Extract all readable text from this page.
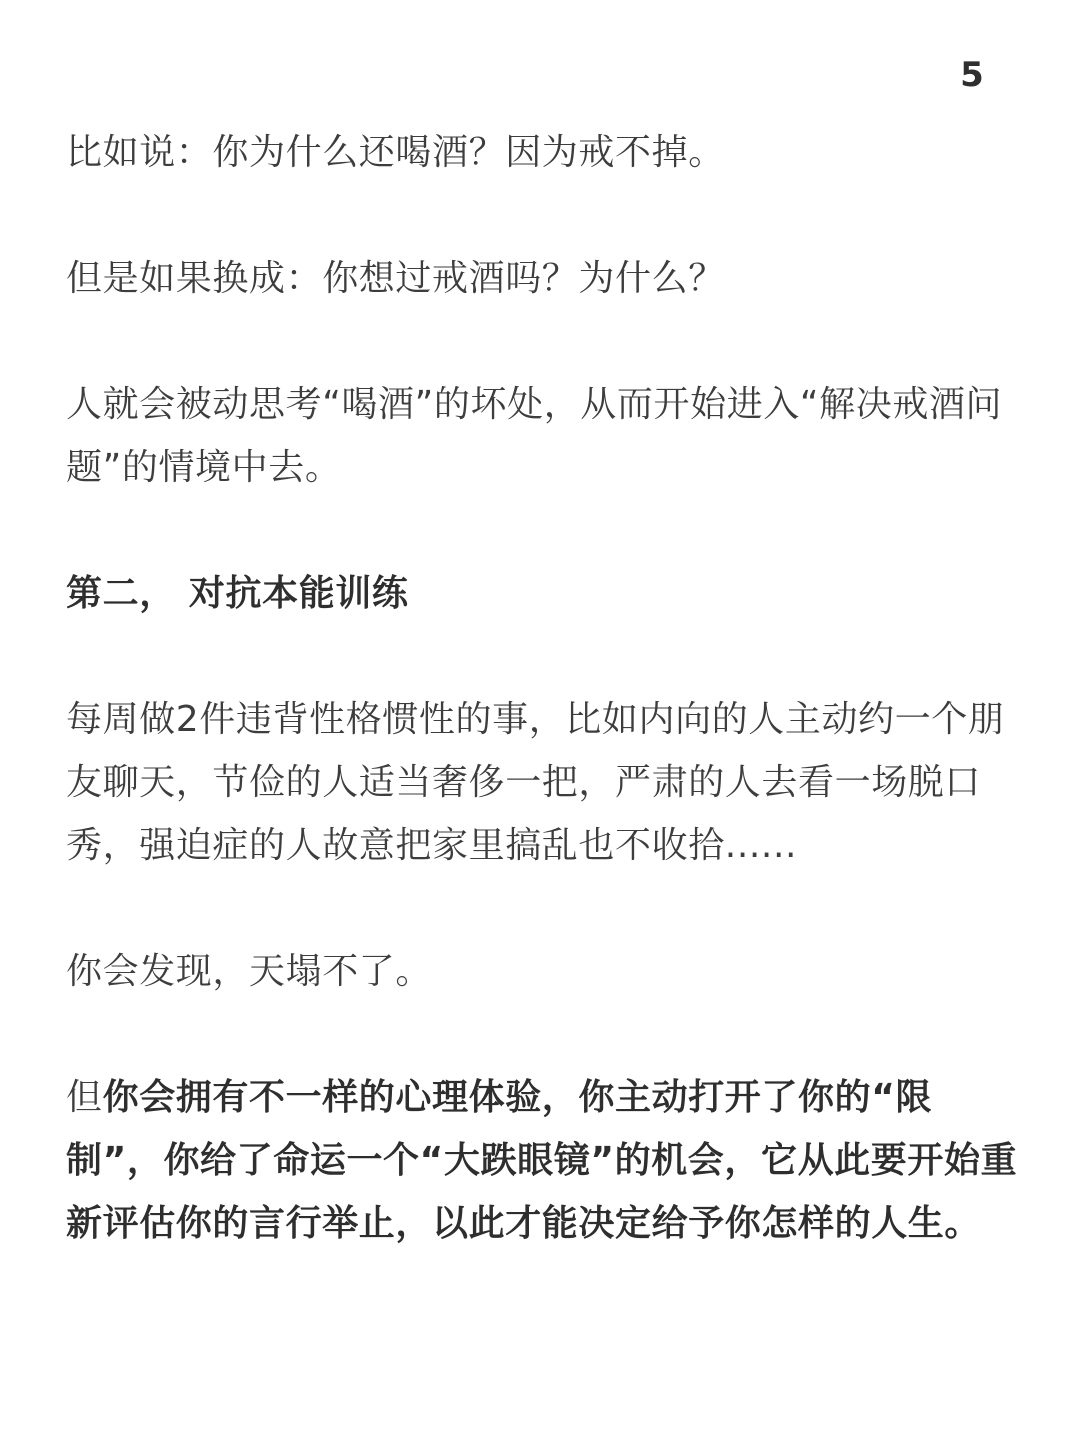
5

比如说：你为什么还喝酒？因为戒不掉。

但是如果换成：你想过戒酒吗？为什么？

人就会被动思考“喝酒”的坏处，从而开始进入“解决戒酒问题”的情境中去。

第二， 对抗本能训练

每周做2件违背性格惯性的事，比如内向的人主动约一个朋友聊天，节俭的人适当奢侈一把，严肃的人去看一场脱口秀，强迫症的人故意把家里搞乱也不收拾......

你会发现，天塌不了。

但你会拥有不一样的心理体验，你主动打开了你的“限制”，你给了命运一个“大跌眼镜”的机会，它从此要开始重新评估你的言行举止，以此才能决定给予你怎样的人生。
